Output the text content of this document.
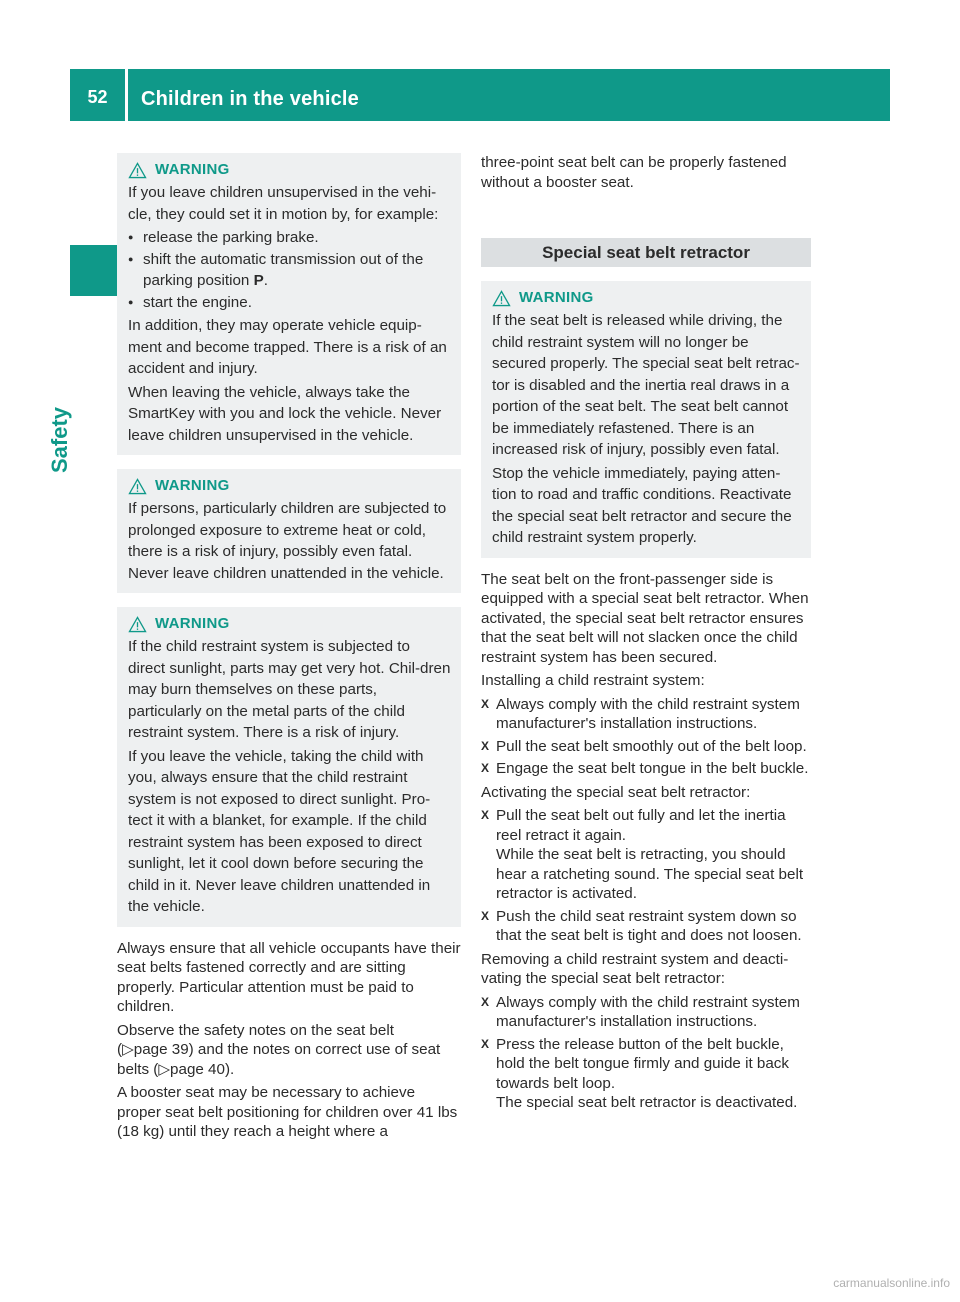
52	Children in the vehicle
Safety
WARNING

If you leave children unsupervised in the vehi-cle, they could set it in motion by, for example:

● release the parking brake.
● shift the automatic transmission out of the parking position P.
● start the engine.

In addition, they may operate vehicle equip-ment and become trapped. There is a risk of an accident and injury.

When leaving the vehicle, always take the SmartKey with you and lock the vehicle. Never leave children unsupervised in the vehicle.

WARNING

If persons, particularly children are subjected to prolonged exposure to extreme heat or cold, there is a risk of injury, possibly even fatal. Never leave children unattended in the vehicle.

WARNING

If the child restraint system is subjected to direct sunlight, parts may get very hot. Chil-dren may burn themselves on these parts, particularly on the metal parts of the child restraint system. There is a risk of injury.

If you leave the vehicle, taking the child with you, always ensure that the child restraint system is not exposed to direct sunlight. Pro-tect it with a blanket, for example. If the child restraint system has been exposed to direct sunlight, let it cool down before securing the child in it. Never leave children unattended in the vehicle.

Always ensure that all vehicle occupants have their seat belts fastened correctly and are sitting properly. Particular attention must be paid to children.

Observe the safety notes on the seat belt
(▷page 39) and the notes on correct use of seat belts (▷page 40).

A booster seat may be necessary to achieve proper seat belt positioning for children over 41 lbs (18 kg) until they reach a height where a

three-point seat belt can be properly fastened without a booster seat.

Special seat belt retractor
WARNING

If the seat belt is released while driving, the child restraint system will no longer be secured properly. The special seat belt retrac-tor is disabled and the inertia real draws in a portion of the seat belt. The seat belt cannot be immediately refastened. There is an increased risk of injury, possibly even fatal.

Stop the vehicle immediately, paying atten-tion to road and traffic conditions. Reactivate the special seat belt retractor and secure the child restraint system properly.

The seat belt on the front-passenger side is equipped with a special seat belt retractor. When activated, the special seat belt retractor ensures that the seat belt will not slacken once the child restraint system has been secured.

Installing a child restraint system:

X Always comply with the child restraint system manufacturer's installation instructions.
X Pull the seat belt smoothly out of the belt loop.
X Engage the seat belt tongue in the belt buckle.

Activating the special seat belt retractor:

X Pull the seat belt out fully and let the inertia reel retract it again.
While the seat belt is retracting, you should hear a ratcheting sound. The special seat belt retractor is activated.
X Push the child seat restraint system down so that the seat belt is tight and does not loosen.

Removing a child restraint system and deacti-vating the special seat belt retractor:

X Always comply with the child restraint system manufacturer's installation instructions.
X Press the release button of the belt buckle, hold the belt tongue firmly and guide it back towards belt loop.
The special seat belt retractor is deactivated.
carmanualsonline.info
